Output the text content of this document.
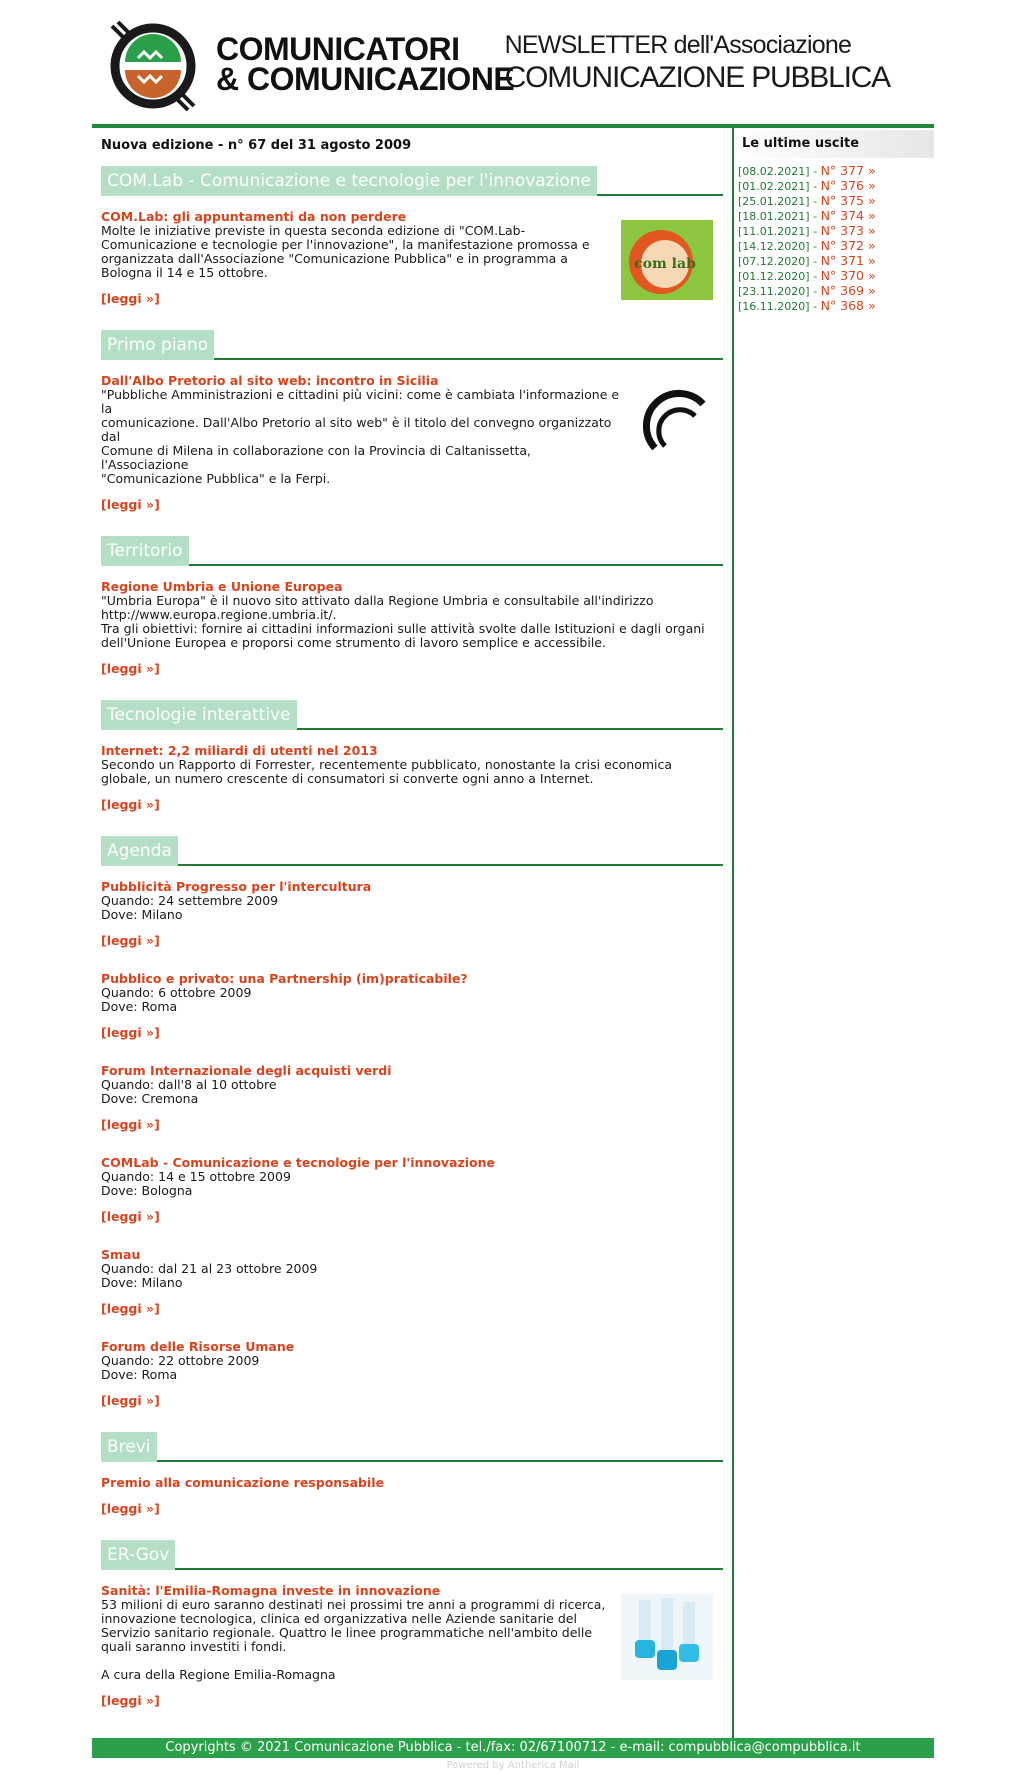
COMUNICATORI
& COMUNICAZIONE
NEWSLETTER dell'Associazione
COMUNICAZIONE PUBBLICA
Nuova edizione - n° 67 del 31 agosto 2009
COM.Lab - Comunicazione e tecnologie per l'innovazione
COM.Lab: gli appuntamenti da non perdere
Molte le iniziative previste in questa seconda edizione di "COM.Lab-
Comunicazione e tecnologie per l'innovazione", la manifestazione promossa e
organizzata dall'Associazione "Comunicazione Pubblica" e in programma a
Bologna il 14 e 15 ottobre.
[leggi »]
com lab
Primo piano
Dall'Albo Pretorio al sito web: incontro in Sicilia
"Pubbliche Amministrazioni e cittadini più vicini: come è cambiata l'informazione e la
comunicazione. Dall'Albo Pretorio al sito web" è il titolo del convegno organizzato dal
Comune di Milena in collaborazione con la Provincia di Caltanissetta, l'Associazione
"Comunicazione Pubblica" e la Ferpi.
[leggi »]
Territorio
Regione Umbria e Unione Europea
"Umbria Europa" è il nuovo sito attivato dalla Regione Umbria e consultabile all'indirizzo
http://www.europa.regione.umbria.it/.
Tra gli obiettivi: fornire ai cittadini informazioni sulle attività svolte dalle Istituzioni e dagli organi
dell'Unione Europea e proporsi come strumento di lavoro semplice e accessibile.
[leggi »]
Tecnologie interattive
Internet: 2,2 miliardi di utenti nel 2013
Secondo un Rapporto di Forrester, recentemente pubblicato, nonostante la crisi economica
globale, un numero crescente di consumatori si converte ogni anno a Internet.
[leggi »]
Agenda
Pubblicità Progresso per l'intercultura
Quando: 24 settembre 2009
Dove: Milano
[leggi »]
Pubblico e privato: una Partnership (im)praticabile?
Quando: 6 ottobre 2009
Dove: Roma
[leggi »]
Forum Internazionale degli acquisti verdi
Quando: dall'8 al 10 ottobre
Dove: Cremona
[leggi »]
COMLab - Comunicazione e tecnologie per l'innovazione
Quando: 14 e 15 ottobre 2009
Dove: Bologna
[leggi »]
Smau
Quando: dal 21 al 23 ottobre 2009
Dove: Milano
[leggi »]
Forum delle Risorse Umane
Quando: 22 ottobre 2009
Dove: Roma
[leggi »]
Brevi
Premio alla comunicazione responsabile
[leggi »]
ER-Gov
Sanità: l'Emilia-Romagna investe in innovazione
53 milioni di euro saranno destinati nei prossimi tre anni a programmi di ricerca,
innovazione tecnologica, clinica ed organizzativa nelle Aziende sanitarie del
Servizio sanitario regionale. Quattro le linee programmatiche nell'ambito delle
quali saranno investiti i fondi.

A cura della Regione Emilia-Romagna
[leggi »]
Le ultime uscite
[08.02.2021] - N° 377 »
[01.02.2021] - N° 376 »
[25.01.2021] - N° 375 »
[18.01.2021] - N° 374 »
[11.01.2021] - N° 373 »
[14.12.2020] - N° 372 »
[07.12.2020] - N° 371 »
[01.12.2020] - N° 370 »
[23.11.2020] - N° 369 »
[16.11.2020] - N° 368 »
Copyrights © 2021 Comunicazione Pubblica - tel./fax: 02/67100712 - e-mail: compubblica@compubblica.it
Powered by Antherica Mail
